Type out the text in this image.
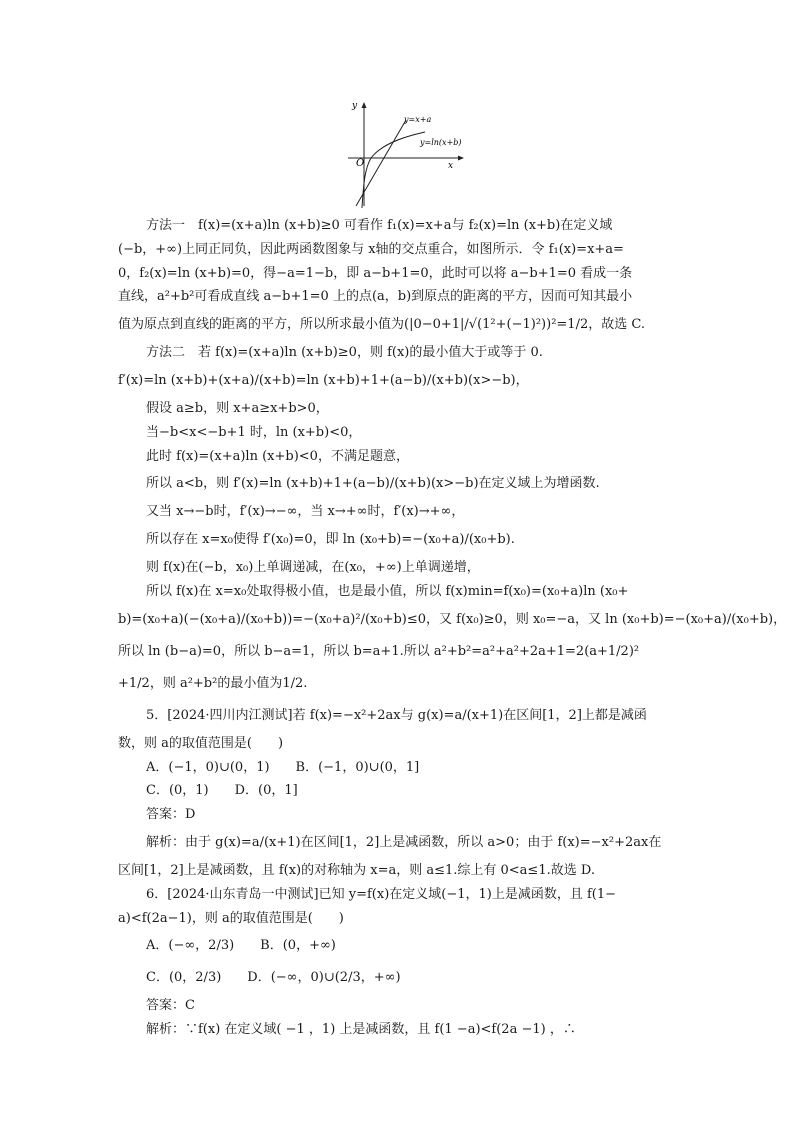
y
x
O
y=x+a
y=ln(x+b)
方法一　f(x)=(x+a)ln (x+b)≥0 可看作 f₁(x)=x+a与 f₂(x)=ln (x+b)在定义域
(−b，+∞)上同正同负，因此两函数图象与 x轴的交点重合，如图所示．令 f₁(x)=x+a=
0，f₂(x)=ln (x+b)=0，得−a=1−b，即 a−b+1=0，此时可以将 a−b+1=0 看成一条
直线，a²+b²可看成直线 a−b+1=0 上的点(a，b)到原点的距离的平方，因而可知其最小
值为原点到直线的距离的平方，所以所求最小值为(|0−0+1|/√(1²+(−1)²))²=1/2，故选 C.
方法二　若 f(x)=(x+a)ln (x+b)≥0，则 f(x)的最小值大于或等于 0.
f′(x)=ln (x+b)+(x+a)/(x+b)=ln (x+b)+1+(a−b)/(x+b)(x>−b)，
假设 a≥b，则 x+a≥x+b>0，
当−b<x<−b+1 时，ln (x+b)<0，
此时 f(x)=(x+a)ln (x+b)<0，不满足题意，
所以 a<b，则 f′(x)=ln (x+b)+1+(a−b)/(x+b)(x>−b)在定义域上为增函数.
又当 x→−b时，f′(x)→−∞，当 x→+∞时，f′(x)→+∞，
所以存在 x=x₀使得 f′(x₀)=0，即 ln (x₀+b)=−(x₀+a)/(x₀+b).
则 f(x)在(−b，x₀)上单调递减，在(x₀，+∞)上单调递增，
所以 f(x)在 x=x₀处取得极小值，也是最小值，所以 f(x)min=f(x₀)=(x₀+a)ln (x₀+
b)=(x₀+a)(−(x₀+a)/(x₀+b))=−(x₀+a)²/(x₀+b)≤0，又 f(x₀)≥0，则 x₀=−a，又 ln (x₀+b)=−(x₀+a)/(x₀+b)，
所以 ln (b−a)=0，所以 b−a=1，所以 b=a+1.所以 a²+b²=a²+a²+2a+1=2(a+1/2)²
+1/2，则 a²+b²的最小值为1/2.
5．[2024·四川内江测试]若 f(x)=−x²+2ax与 g(x)=a/(x+1)在区间[1，2]上都是减函
数，则 a的取值范围是(　　)
A．(−1，0)∪(0，1)　　B．(−1，0)∪(0，1]
C．(0，1)　　D．(0，1]
答案：D
解析：由于 g(x)=a/(x+1)在区间[1，2]上是减函数，所以 a>0；由于 f(x)=−x²+2ax在
区间[1，2]上是减函数，且 f(x)的对称轴为 x=a，则 a≤1.综上有 0<a≤1.故选 D.
6．[2024·山东青岛一中测试]已知 y=f(x)在定义域(−1，1)上是减函数，且 f(1−
a)<f(2a−1)，则 a的取值范围是(　　)
A．(−∞，2/3)　　B．(0，+∞)
C．(0，2/3)　　D．(−∞，0)∪(2/3，+∞)
答案：C
解析：∵f(x) 在定义域( −1 ，1) 上是减函数，且 f(1 −a)<f(2a −1) ，∴
